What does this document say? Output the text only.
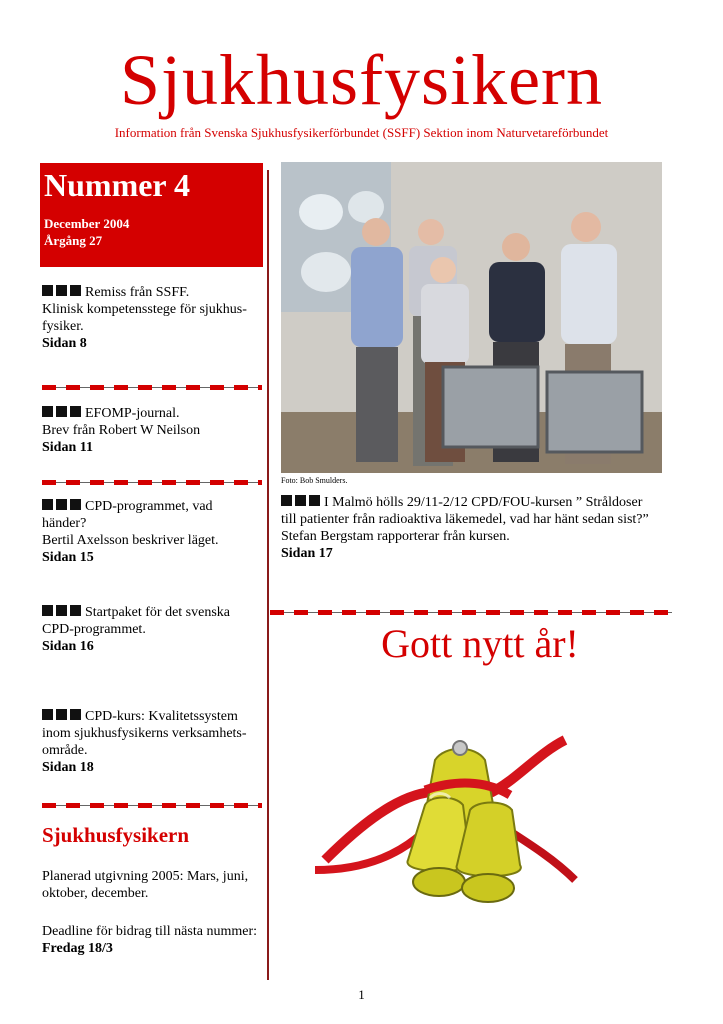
Sjukhusfysikern
Information från Svenska Sjukhusfysikerförbundet (SSFF) Sektion inom Naturvetareförbundet
Nummer 4
December 2004
Årgång 27
Remiss från SSFF.
Klinisk kompetensstege för sjukhus-
fysiker.
Sidan 8
EFOMP-journal.
Brev från Robert W Neilson
Sidan 11
CPD-programmet, vad
händer?
Bertil Axelsson beskriver läget.
Sidan 15
Startpaket för det svenska
CPD-programmet.
Sidan 16
CPD-kurs: Kvalitetssystem
inom sjukhusfysikerns verksamhets-
område.
Sidan 18
Foto: Bob Smulders.
I Malmö hölls 29/11-2/12 CPD/FOU-kursen ” Stråldoser
till patienter från radioaktiva läkemedel, vad har hänt sedan sist?”
Stefan Bergstam rapporterar från kursen.
Sidan 17
Gott nytt år!
Sjukhusfysikern
Planerad utgivning 2005: Mars, juni,
oktober, december.
Deadline för bidrag till nästa nummer:
Fredag 18/3
1
